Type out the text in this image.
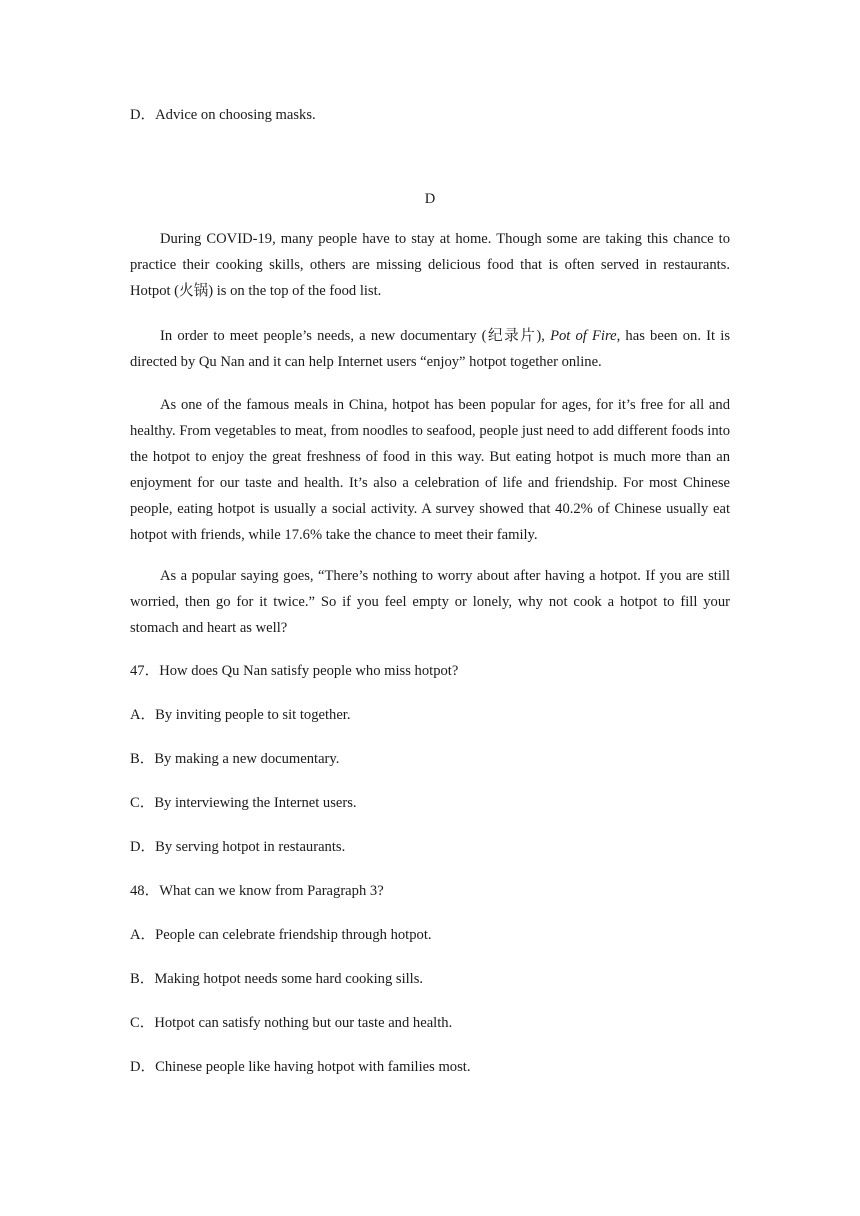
D．Advice on choosing masks.
D

During COVID-19, many people have to stay at home. Though some are taking this chance to practice their cooking skills, others are missing delicious food that is often served in restaurants. Hotpot (火锅) is on the top of the food list.

In order to meet people’s needs, a new documentary (纪录片), Pot of Fire, has been on. It is directed by Qu Nan and it can help Internet users “enjoy” hotpot together online.

As one of the famous meals in China, hotpot has been popular for ages, for it’s free for all and healthy. From vegetables to meat, from noodles to seafood, people just need to add different foods into the hotpot to enjoy the great freshness of food in this way. But eating hotpot is much more than an enjoyment for our taste and health. It’s also a celebration of life and friendship. For most Chinese people, eating hotpot is usually a social activity. A survey showed that 40.2% of Chinese usually eat hotpot with friends, while 17.6% take the chance to meet their family.

As a popular saying goes, “There’s nothing to worry about after having a hotpot. If you are still worried, then go for it twice.” So if you feel empty or lonely, why not cook a hotpot to fill your stomach and heart as well?

47．How does Qu Nan satisfy people who miss hotpot?
A．By inviting people to sit together.
B．By making a new documentary.
C．By interviewing the Internet users.
D．By serving hotpot in restaurants.
48．What can we know from Paragraph 3?
A．People can celebrate friendship through hotpot.
B．Making hotpot needs some hard cooking sills.
C．Hotpot can satisfy nothing but our taste and health.
D．Chinese people like having hotpot with families most.
